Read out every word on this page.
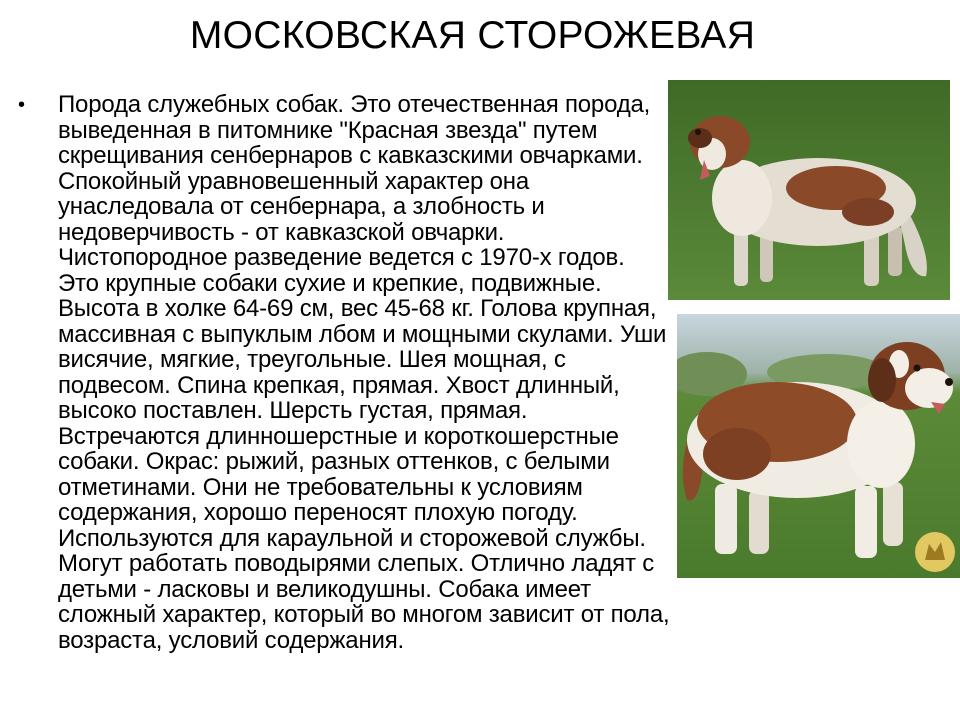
МОСКОВСКАЯ СТОРОЖЕВАЯ
• Порода служебных собак. Это отечественная порода, выведенная в питомнике "Красная звезда" путем скрещивания сенбернаров с кавказскими овчарками. Спокойный уравновешенный характер она унаследовала от сенбернара, а злобность и недоверчивость - от кавказской овчарки. Чистопородное разведение ведется с 1970-х годов. Это крупные собаки сухие и крепкие, подвижные. Высота в холке 64-69 см, вес 45-68 кг. Голова крупная, массивная с выпуклым лбом и мощными скулами. Уши висячие, мягкие, треугольные. Шея мощная, с подвесом. Спина крепкая, прямая. Хвост длинный, высоко поставлен. Шерсть густая, прямая. Встречаются длинношерстные и короткошерстные собаки. Окрас: рыжий, разных оттенков, с белыми отметинами. Они не требовательны к условиям содержания, хорошо переносят плохую погоду. Используются для караульной и сторожевой службы. Могут работать поводырями слепых. Отлично ладят с детьми - ласковы и великодушны. Собака имеет сложный характер, который во многом зависит от пола, возраста, условий содержания.
